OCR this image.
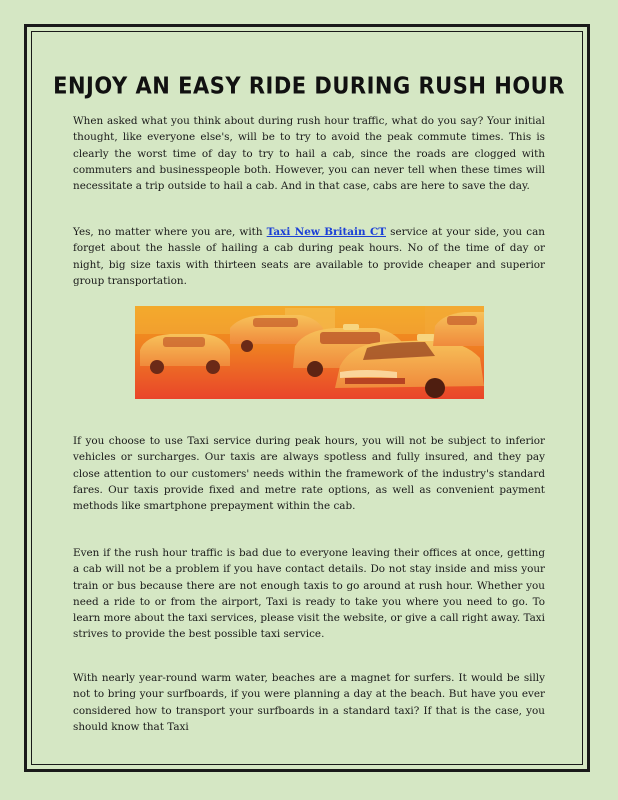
ENJOY AN EASY RIDE DURING RUSH HOUR

When asked what you think about during rush hour traffic, what do you say? Your initial thought, like everyone else's, will be to try to avoid the peak commute times. This is clearly the worst time of day to try to hail a cab, since the roads are clogged with commuters and businesspeople both. However, you can never tell when these times will necessitate a trip outside to hail a cab. And in that case, cabs are here to save the day.

Yes, no matter where you are, with Taxi New Britain CT service at your side, you can forget about the hassle of hailing a cab during peak hours. No of the time of day or night, big size taxis with thirteen seats are available to provide cheaper and superior group transportation.

If you choose to use Taxi service during peak hours, you will not be subject to inferior vehicles or surcharges. Our taxis are always spotless and fully insured, and they pay close attention to our customers' needs within the framework of the industry's standard fares. Our taxis provide fixed and metre rate options, as well as convenient payment methods like smartphone prepayment within the cab.

Even if the rush hour traffic is bad due to everyone leaving their offices at once, getting a cab will not be a problem if you have contact details. Do not stay inside and miss your train or bus because there are not enough taxis to go around at rush hour. Whether you need a ride to or from the airport, Taxi is ready to take you where you need to go. To learn more about the taxi services, please visit the website, or give a call right away. Taxi strives to provide the best possible taxi service.

With nearly year-round warm water, beaches are a magnet for surfers. It would be silly not to bring your surfboards, if you were planning a day at the beach. But have you ever considered how to transport your surfboards in a standard taxi? If that is the case, you should know that Taxi
